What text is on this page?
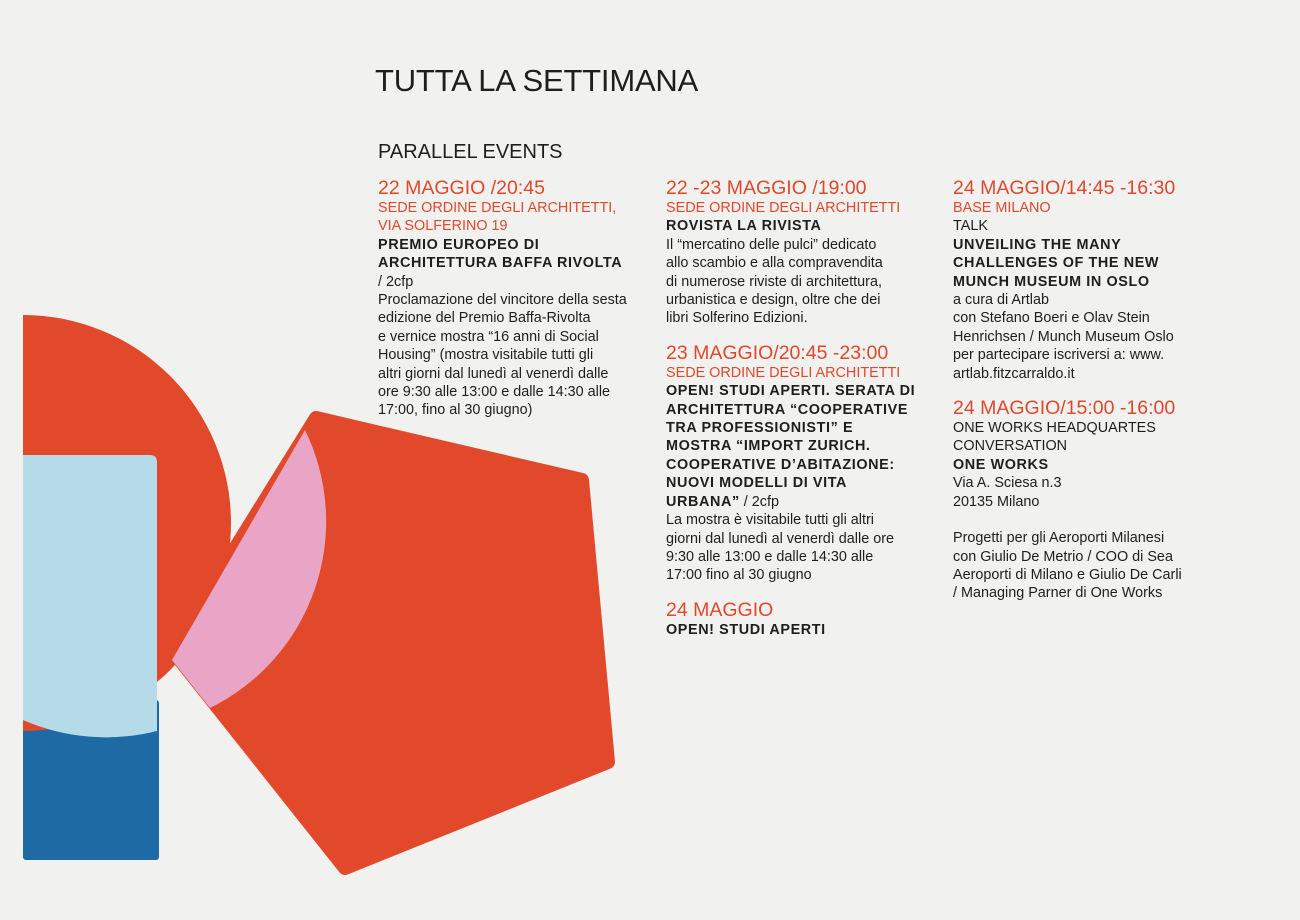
TUTTA LA SETTIMANA
PARALLEL EVENTS
22 MAGGIO /20:45
SEDE ORDINE DEGLI ARCHITETTI,
VIA SOLFERINO 19
PREMIO EUROPEO DI
ARCHITETTURA BAFFA RIVOLTA
/ 2cfp
Proclamazione del vincitore della sesta
edizione del Premio Baffa-Rivolta
e vernice mostra “16 anni di Social
Housing” (mostra visitabile tutti gli
altri giorni dal lunedì al venerdì dalle
ore 9:30 alle 13:00 e dalle 14:30 alle
17:00, fino al 30 giugno)
22 -23 MAGGIO /19:00
SEDE ORDINE DEGLI ARCHITETTI
ROVISTA LA RIVISTA
Il “mercatino delle pulci” dedicato
allo scambio e alla compravendita
di numerose riviste di architettura,
urbanistica e design, oltre che dei
libri Solferino Edizioni.
23 MAGGIO/20:45 -23:00
SEDE ORDINE DEGLI ARCHITETTI
OPEN! STUDI APERTI. SERATA DI
ARCHITETTURA “COOPERATIVE
TRA PROFESSIONISTI” E
MOSTRA “IMPORT ZURICH.
COOPERATIVE D’ABITAZIONE:
NUOVI MODELLI DI VITA
URBANA” / 2cfp
La mostra è visitabile tutti gli altri
giorni dal lunedì al venerdì dalle ore
9:30 alle 13:00 e dalle 14:30 alle
17:00 fino al 30 giugno
24 MAGGIO
OPEN! STUDI APERTI
24 MAGGIO/14:45 -16:30
BASE MILANO
TALK
UNVEILING THE MANY
CHALLENGES OF THE NEW
MUNCH MUSEUM IN OSLO
a cura di Artlab
con Stefano Boeri e Olav Stein
Henrichsen / Munch Museum Oslo
per partecipare iscriversi a: www.
artlab.fitzcarraldo.it
24 MAGGIO/15:00 -16:00
ONE WORKS HEADQUARTES
CONVERSATION
ONE WORKS
Via A. Sciesa n.3
20135 Milano
Progetti per gli Aeroporti Milanesi
con Giulio De Metrio / COO di Sea
Aeroporti di Milano e Giulio De Carli
/ Managing Parner di One Works
